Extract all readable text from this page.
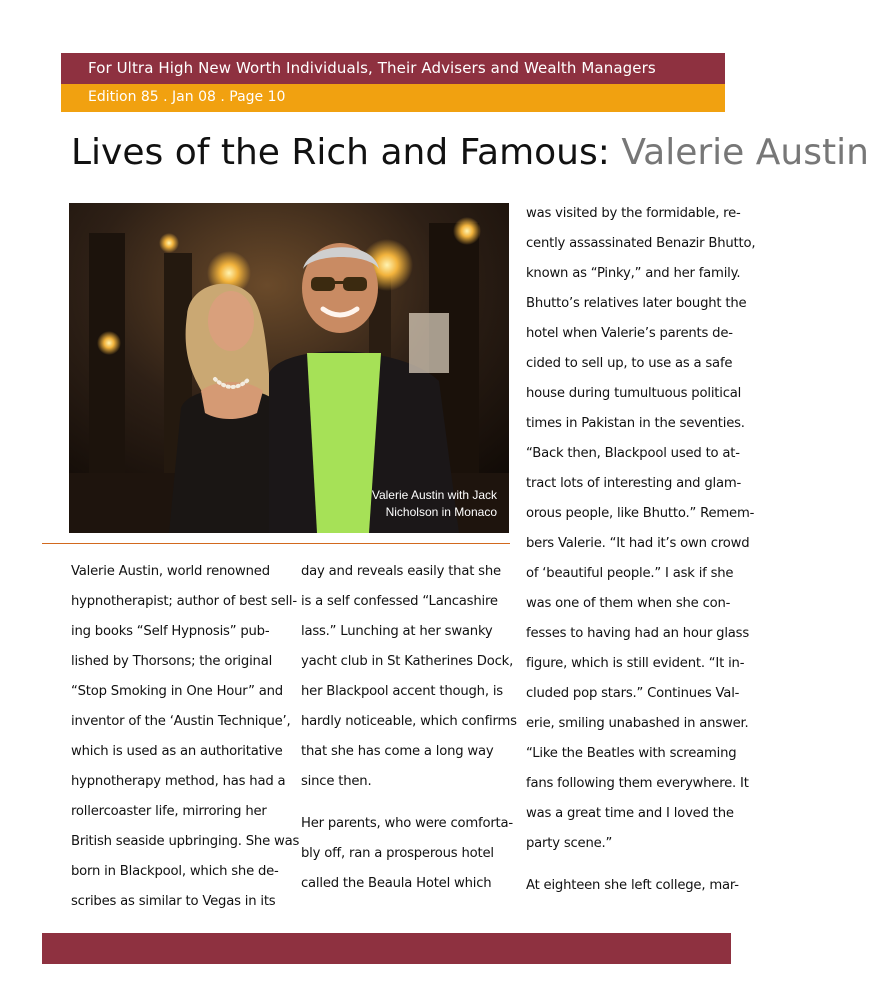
For Ultra High New Worth Individuals, Their Advisers and Wealth Managers
Edition 85 . Jan 08 . Page 10
Lives of the Rich and Famous: Valerie Austin
Valerie Austin with Jack
Nicholson in Monaco
Valerie Austin, world renowned
hypnotherapist; author of best sell-
ing books “Self Hypnosis” pub-
lished by Thorsons; the original
“Stop Smoking in One Hour” and
inventor of the ‘Austin Technique’,
which is used as an authoritative
hypnotherapy method, has had a
rollercoaster life, mirroring her
British seaside upbringing. She was
born in Blackpool, which she de-
scribes as similar to Vegas in its
day and reveals easily that she
is a self confessed “Lancashire
lass.” Lunching at her swanky
yacht club in St Katherines Dock,
her Blackpool accent though, is
hardly noticeable, which confirms
that she has come a long way
since then.
Her parents, who were comforta-
bly off, ran a prosperous hotel
called the Beaula Hotel which
was visited by the formidable, re-
cently assassinated Benazir Bhutto,
known as “Pinky,” and her family.
Bhutto’s relatives later bought the
hotel when Valerie’s parents de-
cided to sell up, to use as a safe
house during tumultuous political
times in Pakistan in the seventies.
“Back then, Blackpool used to at-
tract lots of interesting and glam-
orous people, like Bhutto.” Remem-
bers Valerie. “It had it’s own crowd
of ‘beautiful people.” I ask if she
was one of them when she con-
fesses to having had an hour glass
figure, which is still evident. “It in-
cluded pop stars.” Continues Val-
erie, smiling unabashed in answer.
“Like the Beatles with screaming
fans following them everywhere. It
was a great time and I loved the
party scene.”
At eighteen she left college, mar-
